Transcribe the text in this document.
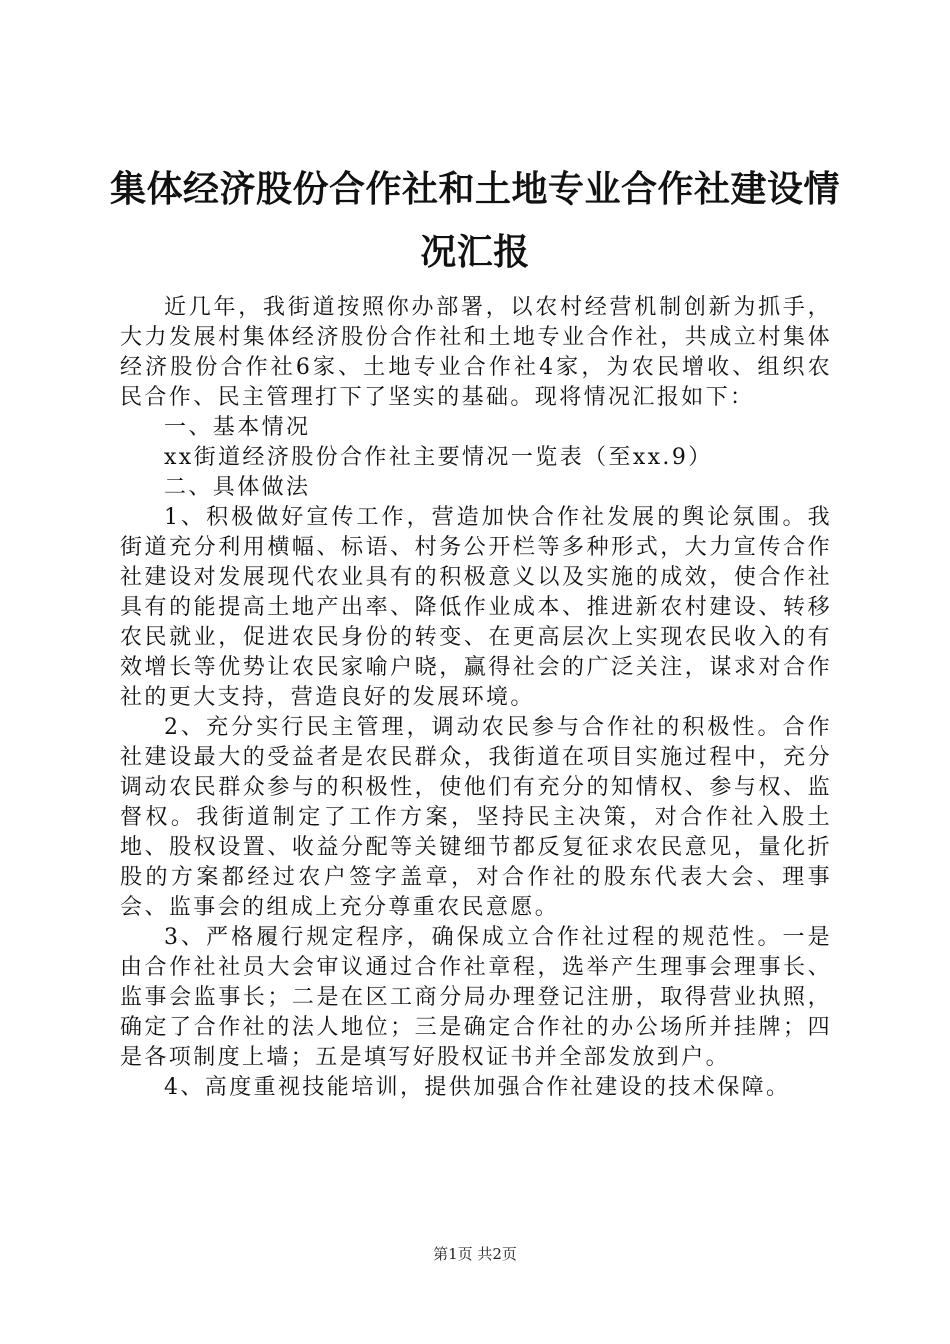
集体经济股份合作社和土地专业合作社建设情况汇报

近几年，我街道按照你办部署，以农村经营机制创新为抓手，大力发展村集体经济股份合作社和土地专业合作社，共成立村集体经济股份合作社6家、土地专业合作社4家，为农民增收、组织农民合作、民主管理打下了坚实的基础。现将情况汇报如下：

一、基本情况

xx街道经济股份合作社主要情况一览表（至xx.9）

二、具体做法

1、积极做好宣传工作，营造加快合作社发展的舆论氛围。我街道充分利用横幅、标语、村务公开栏等多种形式，大力宣传合作社建设对发展现代农业具有的积极意义以及实施的成效，使合作社具有的能提高土地产出率、降低作业成本、推进新农村建设、转移农民就业，促进农民身份的转变、在更高层次上实现农民收入的有效增长等优势让农民家喻户晓，赢得社会的广泛关注，谋求对合作社的更大支持，营造良好的发展环境。

2、充分实行民主管理，调动农民参与合作社的积极性。合作社建设最大的受益者是农民群众，我街道在项目实施过程中，充分调动农民群众参与的积极性，使他们有充分的知情权、参与权、监督权。我街道制定了工作方案，坚持民主决策，对合作社入股土地、股权设置、收益分配等关键细节都反复征求农民意见，量化折股的方案都经过农户签字盖章，对合作社的股东代表大会、理事会、监事会的组成上充分尊重农民意愿。

3、严格履行规定程序，确保成立合作社过程的规范性。一是由合作社社员大会审议通过合作社章程，选举产生理事会理事长、监事会监事长；二是在区工商分局办理登记注册，取得营业执照，确定了合作社的法人地位；三是确定合作社的办公场所并挂牌；四是各项制度上墙；五是填写好股权证书并全部发放到户。

4、高度重视技能培训，提供加强合作社建设的技术保障。

第1页 共2页
